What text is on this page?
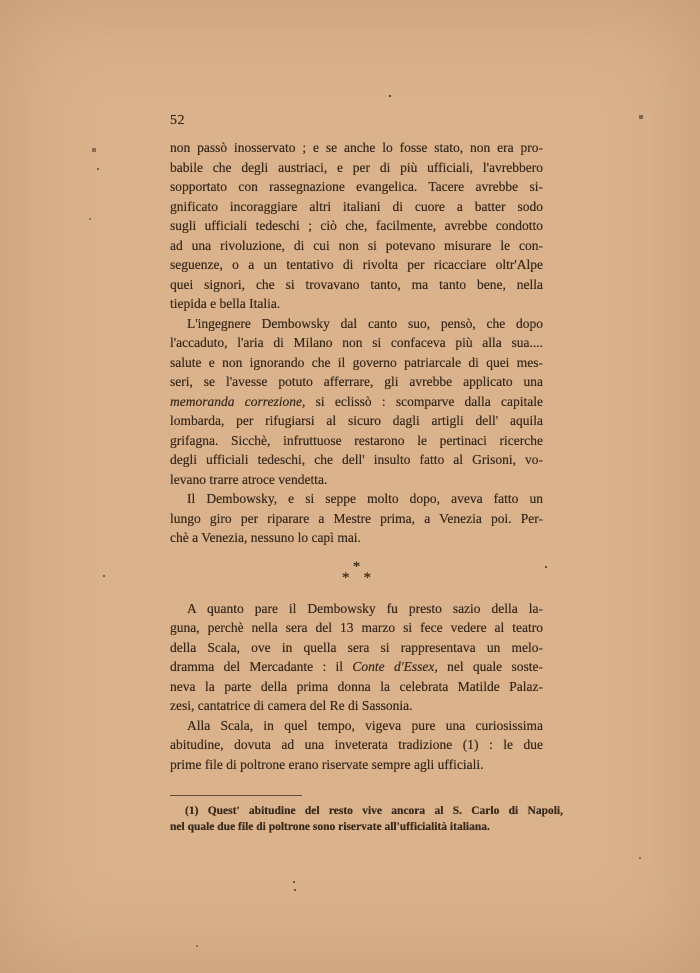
52
non passò inosservato ; e se anche lo fosse stato, non era pro-
babile che degli austriaci, e per di più ufficiali, l'avrebbero
sopportato con rassegnazione evangelica. Tacere avrebbe si-
gnificato incoraggiare altri italiani di cuore a batter sodo
sugli ufficiali tedeschi ; ciò che, facilmente, avrebbe condotto
ad una rivoluzione, di cui non si potevano misurare le con-
seguenze, o a un tentativo di rivolta per ricacciare oltr'Alpe
quei signori, che si trovavano tanto, ma tanto bene, nella
tiepida e bella Italia.
L'ingegnere Dembowsky dal canto suo, pensò, che dopo
l'accaduto, l'aria di Milano non si confaceva più alla sua....
salute e non ignorando che il governo patriarcale di quei mes-
seri, se l'avesse potuto afferrare, gli avrebbe applicato una
memoranda correzione, si eclissò : scomparve dalla capitale
lombarda, per rifugiarsi al sicuro dagli artigli dell' aquila
grifagna. Sicchè, infruttuose restarono le pertinaci ricerche
degli ufficiali tedeschi, che dell' insulto fatto al Grisoni, vo-
levano trarre atroce vendetta.
Il Dembowsky, e si seppe molto dopo, aveva fatto un
lungo giro per riparare a Mestre prima, a Venezia poi. Per-
chè a Venezia, nessuno lo capì mai.
*
* *
A quanto pare il Dembowsky fu presto sazio della la-
guna, perchè nella sera del 13 marzo si fece vedere al teatro
della Scala, ove in quella sera si rappresentava un melo-
dramma del Mercadante : il Conte d'Essex, nel quale soste-
neva la parte della prima donna la celebrata Matilde Palaz-
zesi, cantatrice di camera del Re di Sassonia.
Alla Scala, in quel tempo, vigeva pure una curiosissima
abitudine, dovuta ad una inveterata tradizione (1) : le due
prime file di poltrone erano riservate sempre agli ufficiali.
(1) Quest' abitudine del resto vive ancora al S. Carlo di Napoli,
nel quale due file di poltrone sono riservate all'ufficialità italiana.
